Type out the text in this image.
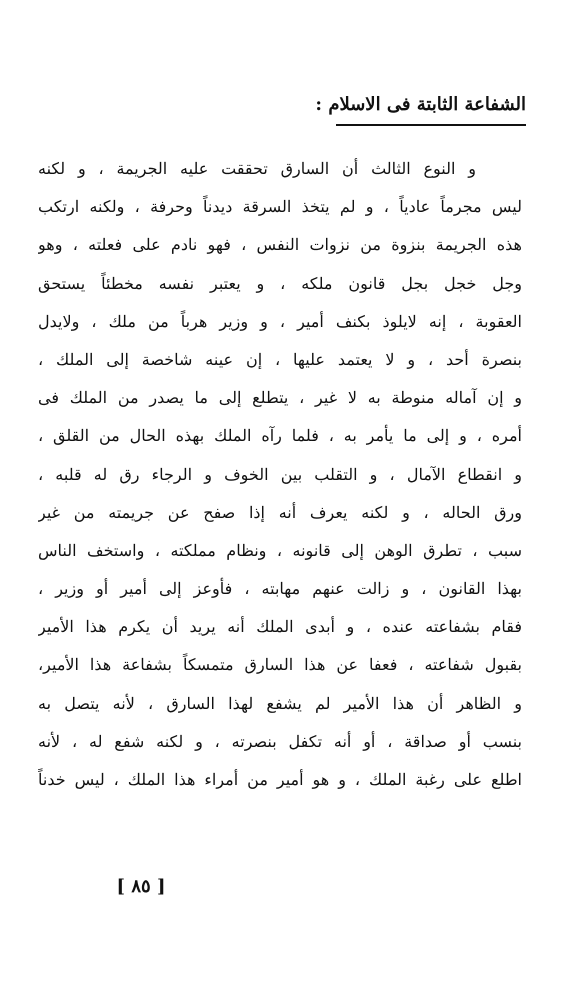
الشفاعة الثابتة فى الاسلام :
و النوع الثالث أن السارق تحققت عليه الجريمة ، و لكنه
ليس مجرماً عادياً ، و لم يتخذ السرقة ديدناً وحرفة ، ولكنه ارتكب
هذه الجريمة بنزوة من نزوات النفس ، فهو نادم على فعلته ، وهو
وجل خجل بجل قانون ملكه ، و يعتبر نفسه مخطئاً يستحق
العقوبة ، إنه لايلوذ بكنف أمير ، و وزير هرباً من ملك ، ولايدل
بنصرة أحد ، و لا يعتمد عليها ، إن عينه شاخصة إلى الملك ،
و إن آماله منوطة به لا غير ، يتطلع إلى ما يصدر من الملك فى
أمره ، و إلى ما يأمر به ، فلما رآه الملك بهذه الحال من القلق ،
و انقطاع الآمال ، و التقلب بين الخوف و الرجاء رق له قلبه ،
ورق الحاله ، و لكنه يعرف أنه إذا صفح عن جريمته من غير
سبب ، تطرق الوهن إلى قانونه ، ونظام مملكته ، واستخف الناس
بهذا القانون ، و زالت عنهم مهابته ، فأوعز إلى أمير أو وزير ،
فقام بشفاعته عنده ، و أبدى الملك أنه يريد أن يكرم هذا الأمير
بقبول شفاعته ، فعفا عن هذا السارق متمسكاً بشفاعة هذا الأمير،
و الظاهر أن هذا الأمير لم يشفع لهذا السارق ، لأنه يتصل به
بنسب أو صداقة ، أو أنه تكفل بنصرته ، و لكنه شفع له ، لأنه
اطلع على رغبة الملك ، و هو أمير من أمراء هذا الملك ، ليس خدناً
[ ٨٥ ]
